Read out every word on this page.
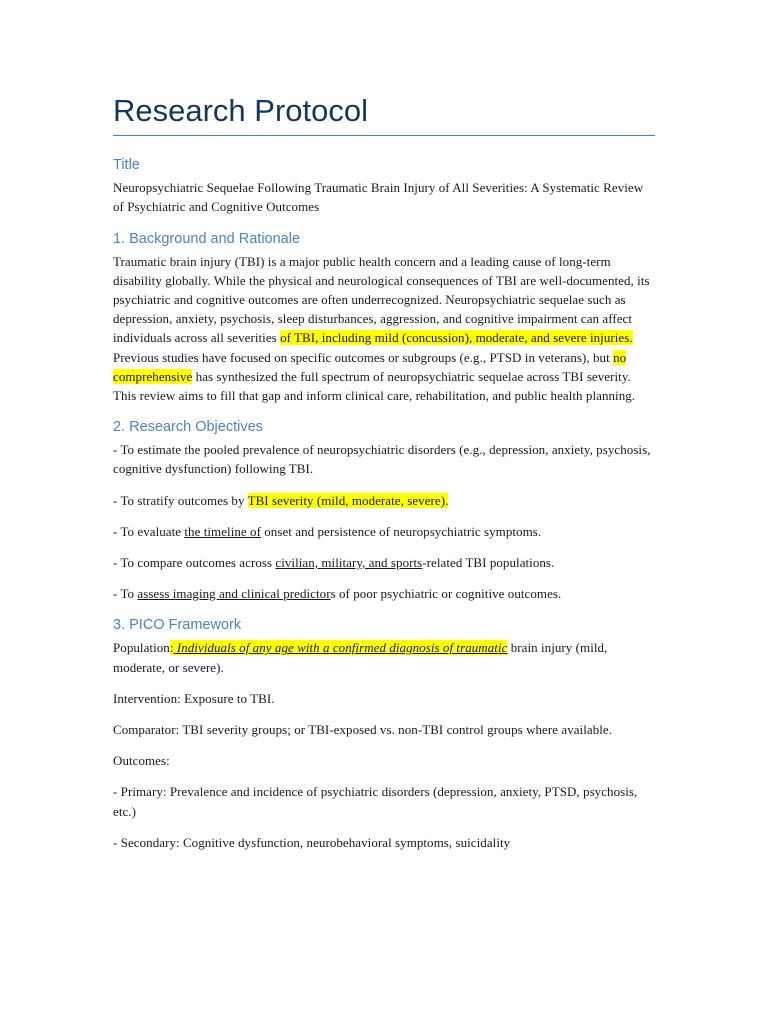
Research Protocol
Title

Neuropsychiatric Sequelae Following Traumatic Brain Injury of All Severities: A Systematic Review of Psychiatric and Cognitive Outcomes

1. Background and Rationale

Traumatic brain injury (TBI) is a major public health concern and a leading cause of long-term disability globally. While the physical and neurological consequences of TBI are well-documented, its psychiatric and cognitive outcomes are often underrecognized. Neuropsychiatric sequelae such as depression, anxiety, psychosis, sleep disturbances, aggression, and cognitive impairment can affect individuals across all severities of TBI, including mild (concussion), moderate, and severe injuries. Previous studies have focused on specific outcomes or subgroups (e.g., PTSD in veterans), but no comprehensive has synthesized the full spectrum of neuropsychiatric sequelae across TBI severity. This review aims to fill that gap and inform clinical care, rehabilitation, and public health planning.

2. Research Objectives

- To estimate the pooled prevalence of neuropsychiatric disorders (e.g., depression, anxiety, psychosis, cognitive dysfunction) following TBI.

- To stratify outcomes by TBI severity (mild, moderate, severe).

- To evaluate the timeline of onset and persistence of neuropsychiatric symptoms.

- To compare outcomes across civilian, military, and sports-related TBI populations.

- To assess imaging and clinical predictors of poor psychiatric or cognitive outcomes.

3. PICO Framework

Population: Individuals of any age with a confirmed diagnosis of traumatic brain injury (mild, moderate, or severe).

Intervention: Exposure to TBI.

Comparator: TBI severity groups; or TBI-exposed vs. non-TBI control groups where available.

Outcomes:

- Primary: Prevalence and incidence of psychiatric disorders (depression, anxiety, PTSD, psychosis, etc.)

- Secondary: Cognitive dysfunction, neurobehavioral symptoms, suicidality
